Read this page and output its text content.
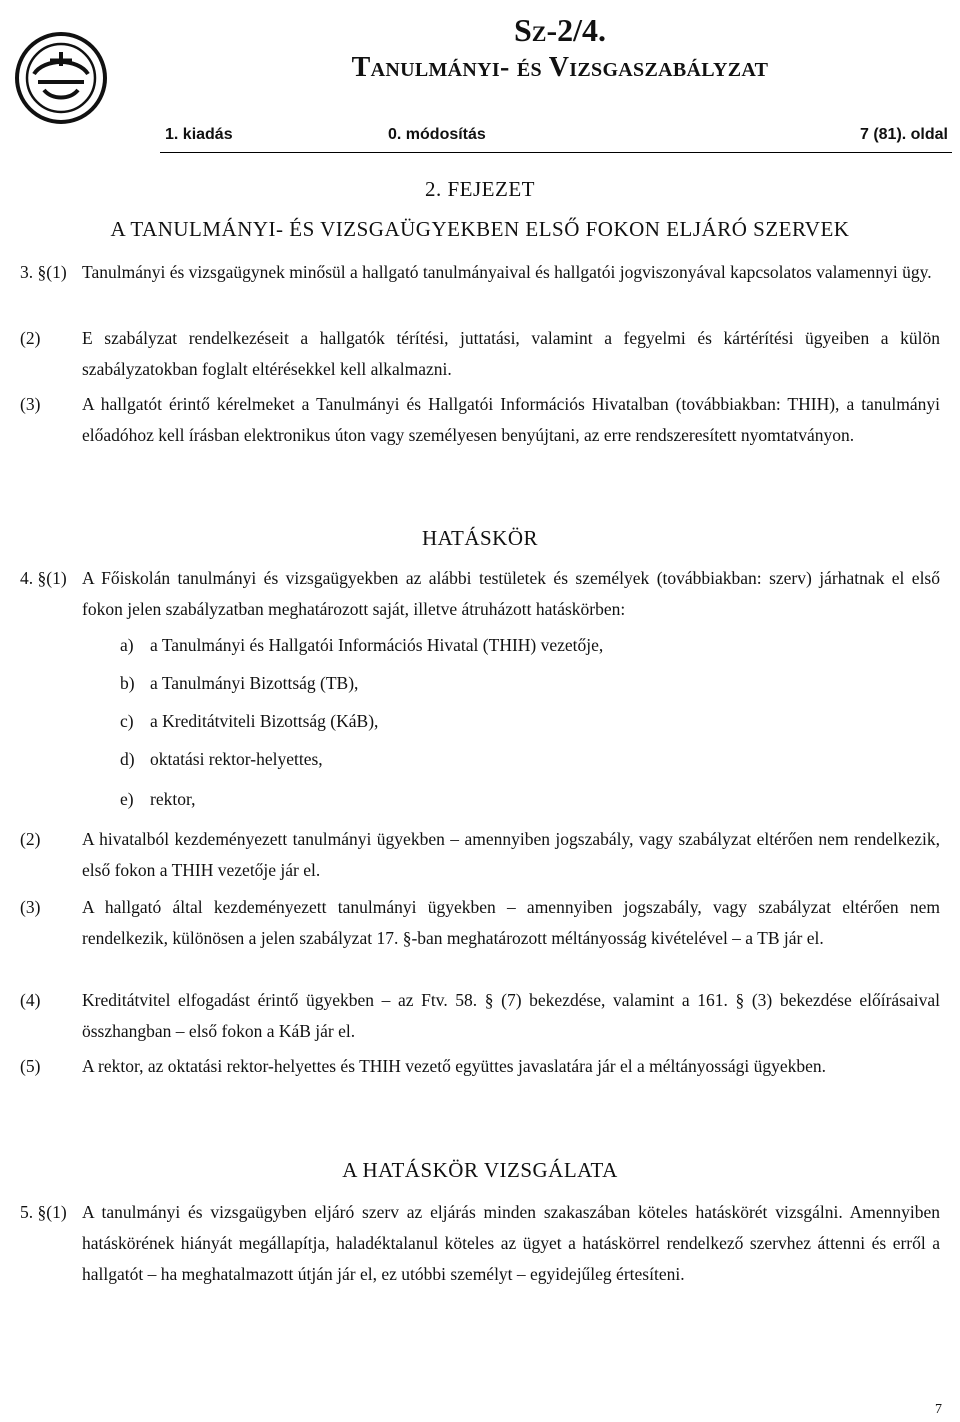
Sz-2/4.
Tanulmányi- és Vizsgaszabályzat
1. kiadás	0. módosítás	7 (81). oldal
2. FEJEZET
A TANULMÁNYI- ÉS VIZSGAÜGYEKBEN ELSŐ FOKON ELJÁRÓ SZERVEK
3. §(1) Tanulmányi és vizsgaügynek minősül a hallgató tanulmányaival és hallgatói jogviszonyával kapcsolatos valamennyi ügy.
(2) E szabályzat rendelkezéseit a hallgatók térítési, juttatási, valamint a fegyelmi és kártérítési ügyeiben a külön szabályzatokban foglalt eltérésekkel kell alkalmazni.
(3) A hallgatót érintő kérelmeket a Tanulmányi és Hallgatói Információs Hivatalban (továbbiakban: THIH), a tanulmányi előadóhoz kell írásban elektronikus úton vagy személyesen benyújtani, az erre rendszeresített nyomtatványon.
HATÁSKÖR
4. §(1) A Főiskolán tanulmányi és vizsgaügyekben az alábbi testületek és személyek (továbbiakban: szerv) járhatnak el első fokon jelen szabályzatban meghatározott saját, illetve átruházott hatáskörben:
a) a Tanulmányi és Hallgatói Információs Hivatal (THIH) vezetője,
b) a Tanulmányi Bizottság (TB),
c) a Kreditátviteli Bizottság (KáB),
d) oktatási rektor-helyettes,
e) rektor,
(2) A hivatalból kezdeményezett tanulmányi ügyekben – amennyiben jogszabály, vagy szabályzat eltérően nem rendelkezik, első fokon a THIH vezetője jár el.
(3) A hallgató által kezdeményezett tanulmányi ügyekben – amennyiben jogszabály, vagy szabályzat eltérően nem rendelkezik, különösen a jelen szabályzat 17. §-ban meghatározott méltányosság kivételével – a TB jár el.
(4) Kreditátvitel elfogadást érintő ügyekben – az Ftv. 58. § (7) bekezdése, valamint a 161. § (3) bekezdése előírásaival összhangban – első fokon a KáB jár el.
(5) A rektor, az oktatási rektor-helyettes és THIH vezető együttes javaslatára jár el a méltányossági ügyekben.
A HATÁSKÖR VIZSGÁLATA
5. §(1) A tanulmányi és vizsgaügyben eljáró szerv az eljárás minden szakaszában köteles hatáskörét vizsgálni. Amennyiben hatáskörének hiányát megállapítja, haladéktalanul köteles az ügyet a hatáskörrel rendelkező szervhez áttenni és erről a hallgatót – ha meghatalmazott útján jár el, ez utóbbi személyt – egyidejűleg értesíteni.
7
